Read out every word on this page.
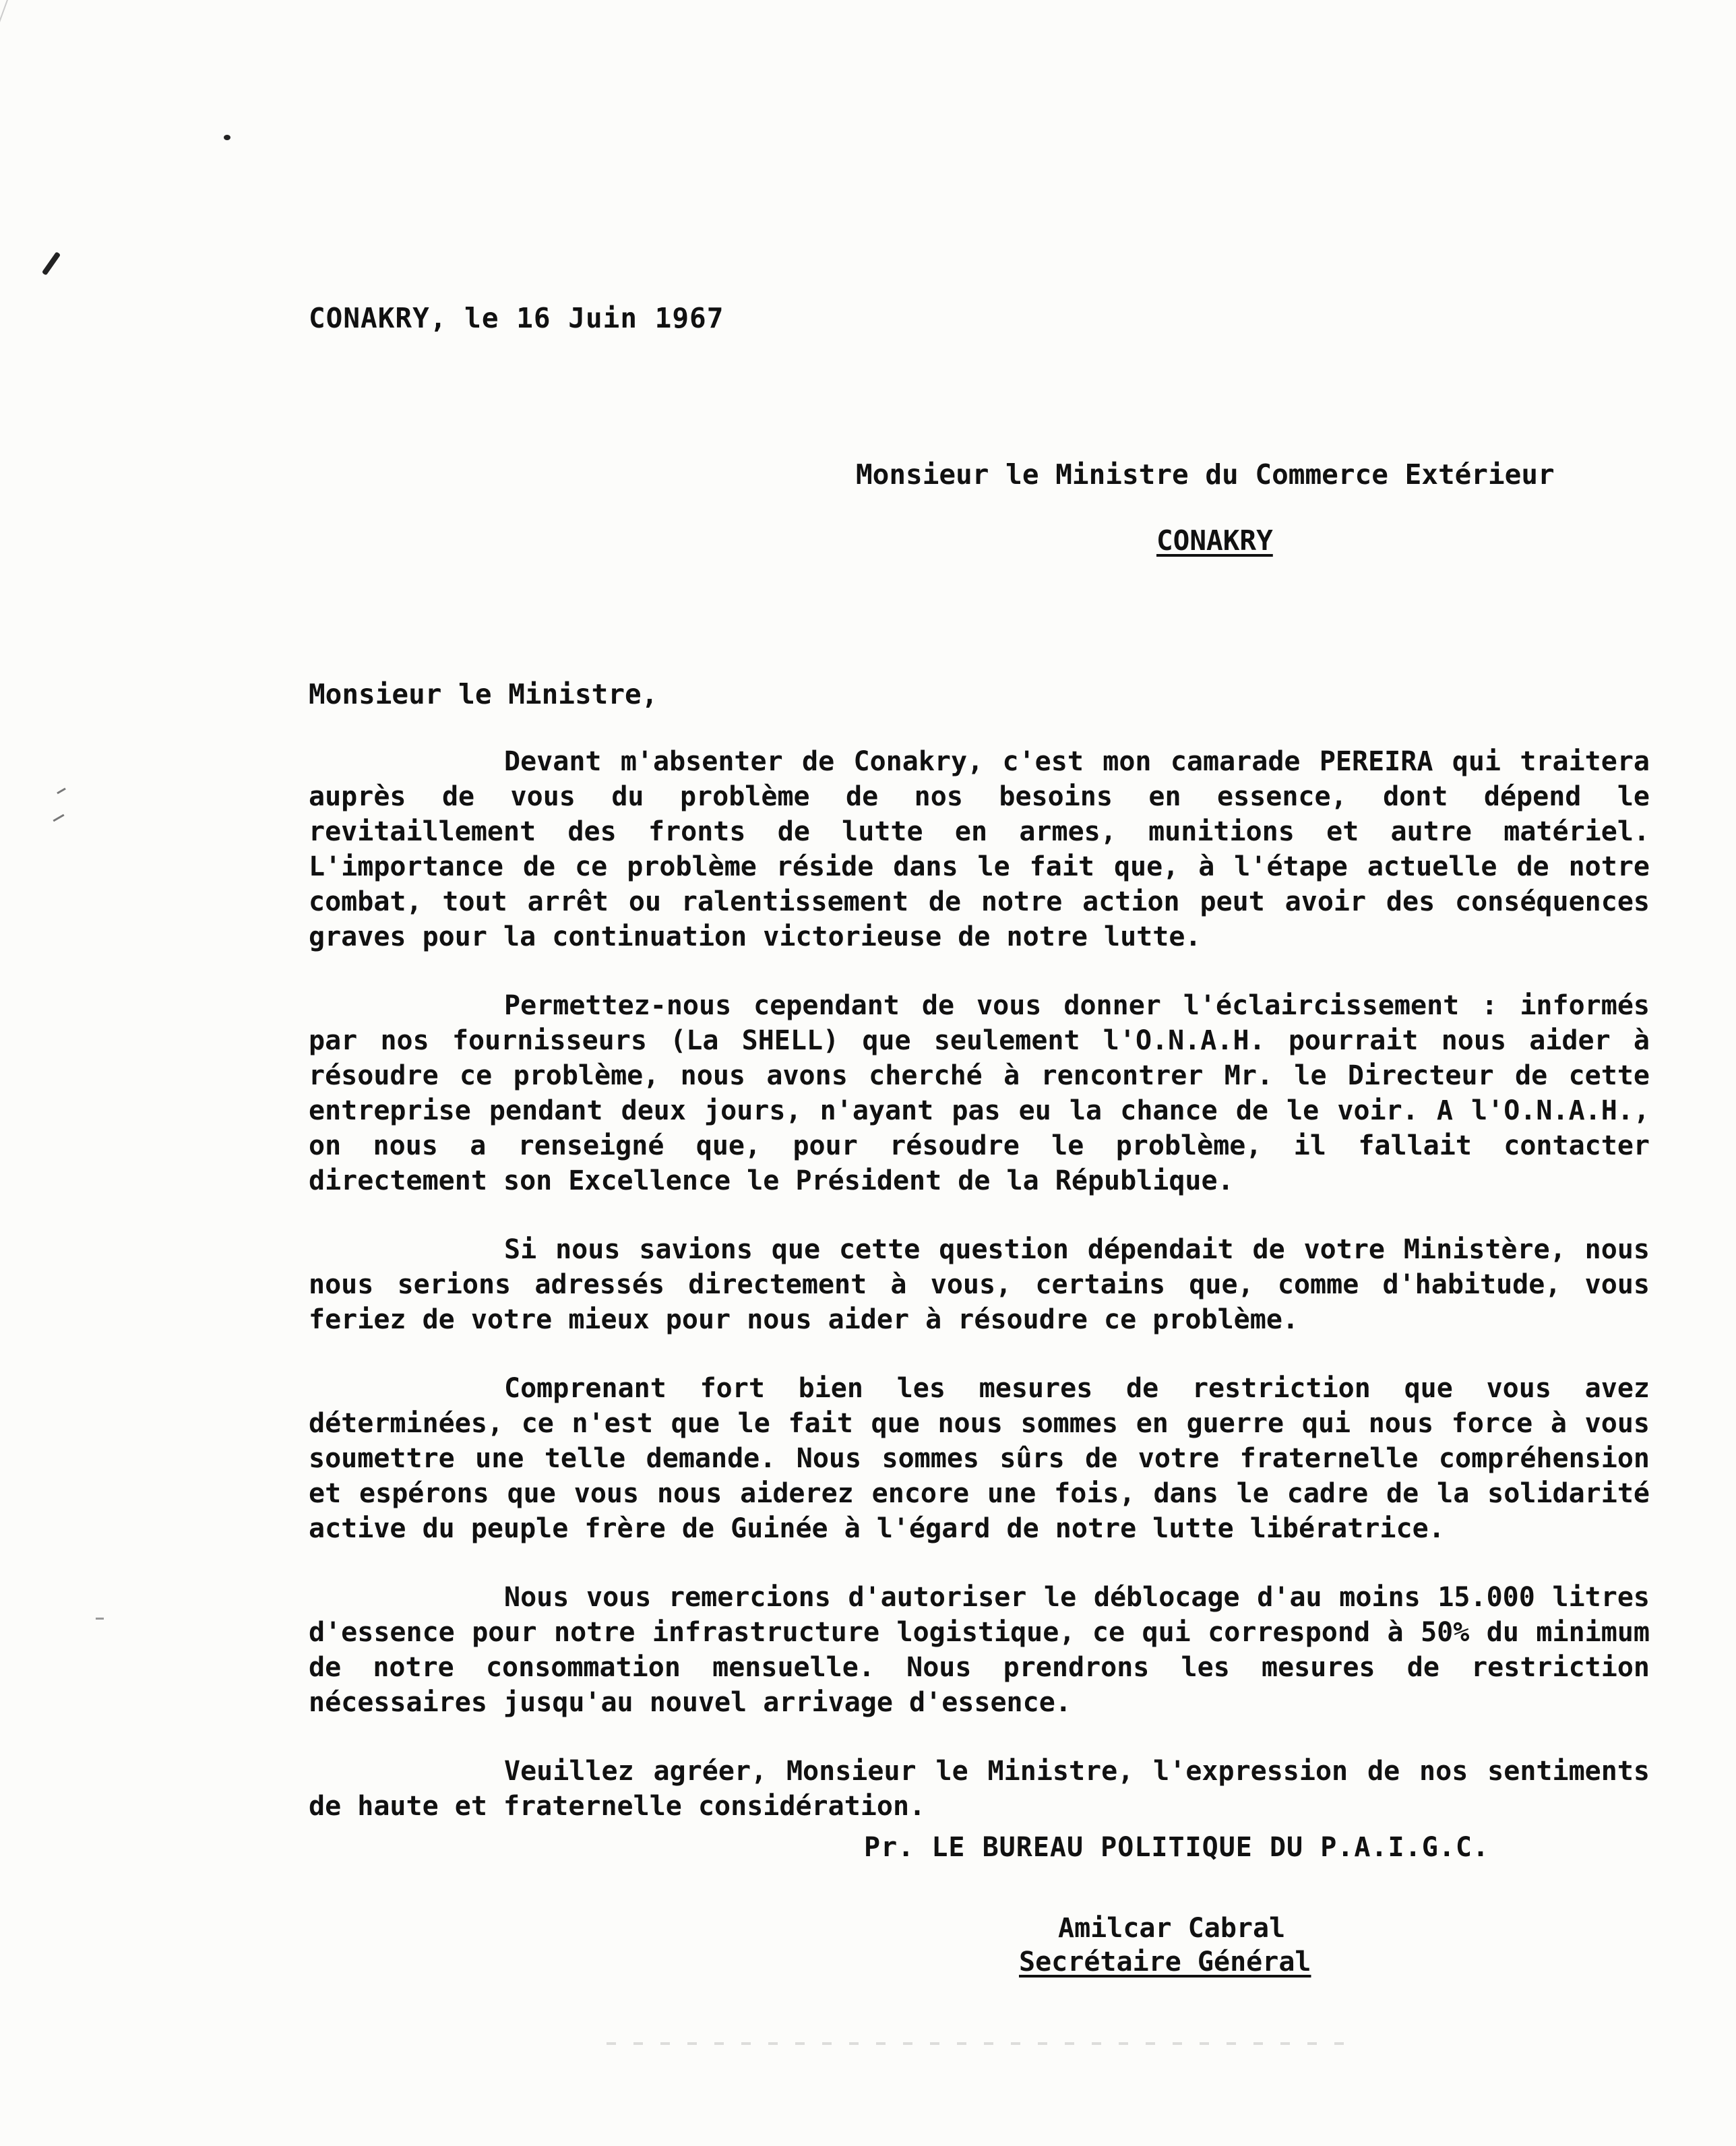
CONAKRY, le 16 Juin 1967
Monsieur le Ministre du Commerce Extérieur
CONAKRY
Monsieur le Ministre,

Devant m'absenter de Conakry, c'est mon camarade PEREIRA qui traitera auprès de vous du problème de nos besoins en essence, dont dépend le revitaillement des fronts de lutte en armes, munitions et autre matériel. L'importance de ce problème réside dans le fait que, à l'étape actuelle de notre combat, tout arrêt ou ralentissement de notre action peut avoir des conséquences graves pour la continuation victorieuse de notre lutte.

Permettez-nous cependant de vous donner l'éclaircissement : informés par nos fournisseurs (La SHELL) que seulement l'O.N.A.H. pourrait nous aider à résoudre ce problème, nous avons cherché à rencontrer Mr. le Directeur de cette entreprise pendant deux jours, n'ayant pas eu la chance de le voir. A l'O.N.A.H., on nous a renseigné que, pour résoudre le problème, il fallait contacter directement son Excellence le Président de la République.

Si nous savions que cette question dépendait de votre Ministère, nous nous serions adressés directement à vous, certains que, comme d'habitude, vous feriez de votre mieux pour nous aider à résoudre ce problème.

Comprenant fort bien les mesures de restriction que vous avez déterminées, ce n'est que le fait que nous sommes en guerre qui nous force à vous soumettre une telle demande. Nous sommes sûrs de votre fraternelle compréhension et espérons que vous nous aiderez encore une fois, dans le cadre de la solidarité active du peuple frère de Guinée à l'égard de notre lutte libératrice.

Nous vous remercions d'autoriser le déblocage d'au moins 15.000 litres d'essence pour notre infrastructure logistique, ce qui correspond à 50% du minimum de notre consommation mensuelle. Nous prendrons les mesures de restriction nécessaires jusqu'au nouvel arrivage d'essence.

Veuillez agréer, Monsieur le Ministre, l'expression de nos sentiments de haute et fraternelle considération.

Pr. LE BUREAU POLITIQUE DU P.A.I.G.C.
Amilcar Cabral
Secrétaire Général
